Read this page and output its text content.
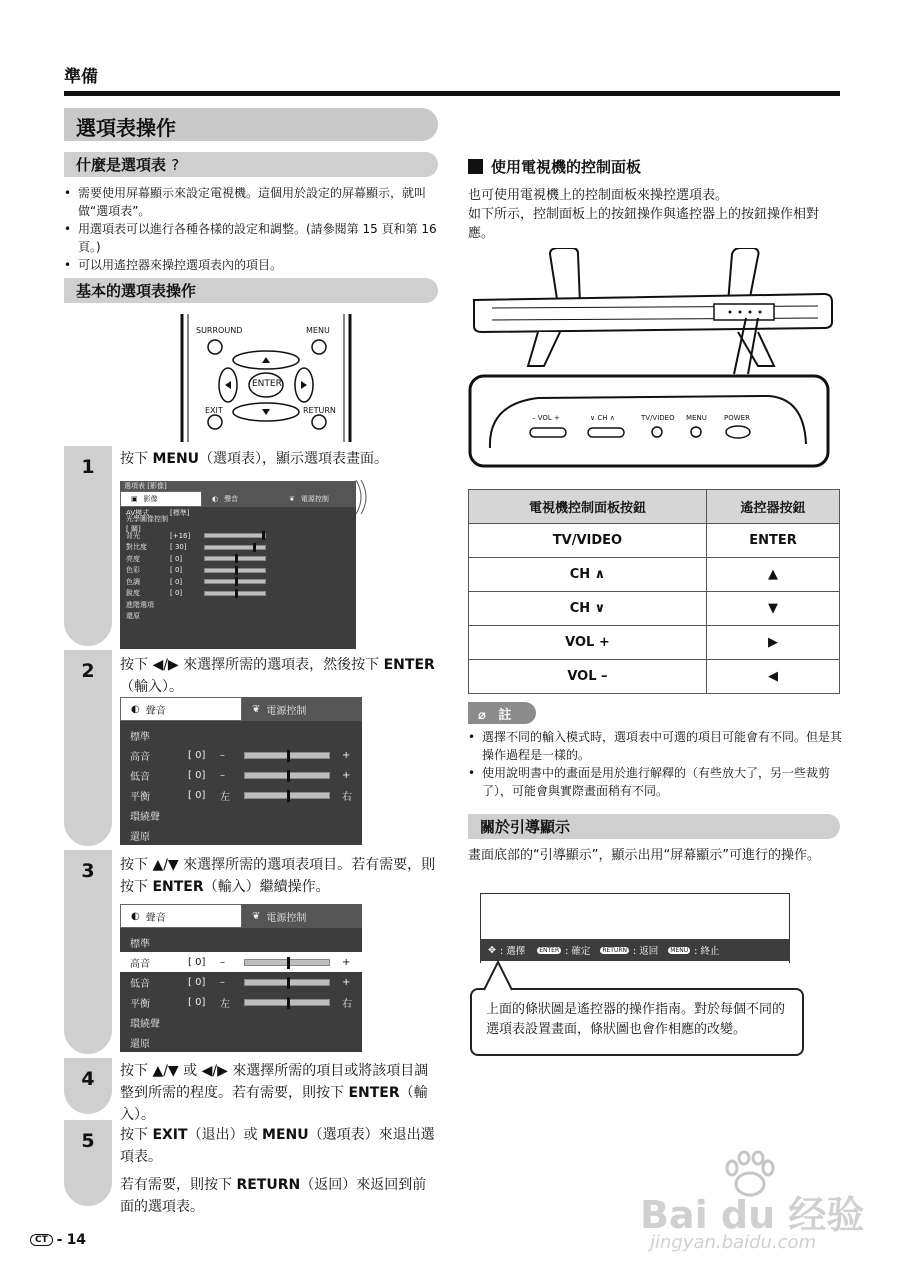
準備
選項表操作
什麼是選項表 ?
• 需要使用屏幕顯示來設定電視機。這個用於設定的屏幕顯示，就叫做“選項表”。
• 用選項表可以進行各種各樣的設定和調整。(請參閱第 15 頁和第 16 頁。)
• 可以用遙控器來操控選項表內的項目。
基本的選項表操作
SURROUND	MENU
ENTER
EXIT	RETURN
1
2
3
4
5
按下 MENU（選項表），顯示選項表畫面。
按下 ◀/▶ 來選擇所需的選項表，然後按下 ENTER（輸入）。
按下 ▲/▼ 來選擇所需的選項表項目。若有需要，則按下 ENTER（輸入）繼續操作。
按下 ▲/▼ 或 ◀/▶ 來選擇所需的項目或將該項目調整到所需的程度。若有需要，則按下 ENTER（輸入）。
按下 EXIT（退出）或 MENU（選項表）來退出選項表。
若有需要，則按下 RETURN（返回）來返回到前面的選項表。
選項表 [影像]
▣ 影像	◐ 聲音	❦ 電源控制
AV模式	[標準]
光學圖像控制 [ 關]
背光	[+16]
對比度	[ 30]
亮度	[ 0]
色彩	[ 0]
色調	[ 0]
銳度	[ 0]
進階選項
還原
◐ 聲音	❦ 電源控制
標準
高音	[ 0]	–	+
低音	[ 0]	–	+
平衡	[ 0]	左	右
環繞聲
還原
◐ 聲音	❦ 電源控制
標準
高音	[ 0]	–	+
低音	[ 0]	–	+
平衡	[ 0]	左	右
環繞聲
還原
使用電視機的控制面板
也可使用電視機上的控制面板來操控選項表。
如下所示，控制面板上的按鈕操作與遙控器上的按鈕操作相對應。
– VOL +	∨ CH ∧	TV/VIDEO MENU POWER
電視機控制面板按鈕	遙控器按鈕
TV/VIDEO	ENTER
CH ∧	▲
CH ∨	▼
VOL +	▶
VOL –	◀
⌀ 註
• 選擇不同的輸入模式時，選項表中可選的項目可能會有不同。但是其操作過程是一樣的。
• 使用說明書中的畫面是用於進行解釋的（有些放大了，另一些裁剪了），可能會與實際畫面稍有不同。
關於引導顯示
畫面底部的“引導顯示”，顯示出用“屏幕顯示”可進行的操作。
✥ : 選擇	ENTER : 確定	RETURN : 返回	MENU : 終止
上面的條狀圖是遙控器的操作指南。對於每個不同的選項表設置畫面，條狀圖也會作相應的改變。
CT - 14
Bai du 经验
jingyan.baidu.com
